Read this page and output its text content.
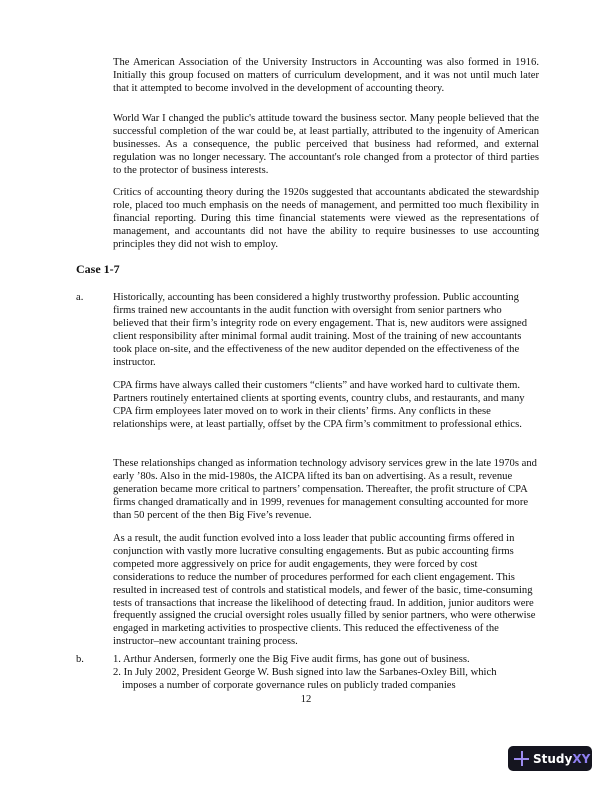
The American Association of the University Instructors in Accounting was also formed in 1916. Initially this group focused on matters of curriculum development, and it was not until much later that it attempted to become involved in the development of accounting theory.

World War I changed the public's attitude toward the business sector. Many people believed that the successful completion of the war could be, at least partially, attributed to the ingenuity of American businesses. As a consequence, the public perceived that business had reformed, and external regulation was no longer necessary. The accountant's role changed from a protector of third parties to the protector of business interests.

Critics of accounting theory during the 1920s suggested that accountants abdicated the stewardship role, placed too much emphasis on the needs of management, and permitted too much flexibility in financial reporting. During this time financial statements were viewed as the representations of management, and accountants did not have the ability to require businesses to use accounting principles they did not wish to employ.

Case 1-7
a.	Historically, accounting has been considered a highly trustworthy profession. Public accounting firms trained new accountants in the audit function with oversight from senior partners who believed that their firm’s integrity rode on every engagement. That is, new auditors were assigned client responsibility after minimal formal audit training. Most of the training of new accountants took place on-site, and the effectiveness of the new auditor depended on the effectiveness of the instructor.

CPA firms have always called their customers “clients” and have worked hard to cultivate them. Partners routinely entertained clients at sporting events, country clubs, and restaurants, and many CPA firm employees later moved on to work in their clients’ firms. Any conflicts in these relationships were, at least partially, offset by the CPA firm’s commitment to professional ethics.

These relationships changed as information technology advisory services grew in the late 1970s and early ’80s. Also in the mid-1980s, the AICPA lifted its ban on advertising. As a result, revenue generation became more critical to partners’ compensation. Thereafter, the profit structure of CPA firms changed dramatically and in 1999, revenues for management consulting accounted for more than 50 percent of the then Big Five’s revenue.

As a result, the audit function evolved into a loss leader that public accounting firms offered in conjunction with vastly more lucrative consulting engagements. But as pubic accounting firms competed more aggressively on price for audit engagements, they were forced by cost considerations to reduce the number of procedures performed for each client engagement. This resulted in increased test of controls and statistical models, and fewer of the basic, time-consuming tests of transactions that increase the likelihood of detecting fraud. In addition, junior auditors were frequently assigned the crucial oversight roles usually filled by senior partners, who were otherwise engaged in marketing activities to prospective clients. This reduced the effectiveness of the instructor–new accountant training process.

b.	1. Arthur Andersen, formerly one the Big Five audit firms, has gone out of business.

2. In July 2002, President George W. Bush signed into law the Sarbanes-Oxley Bill, which

imposes a number of corporate governance rules on publicly traded companies

12
Study XY
